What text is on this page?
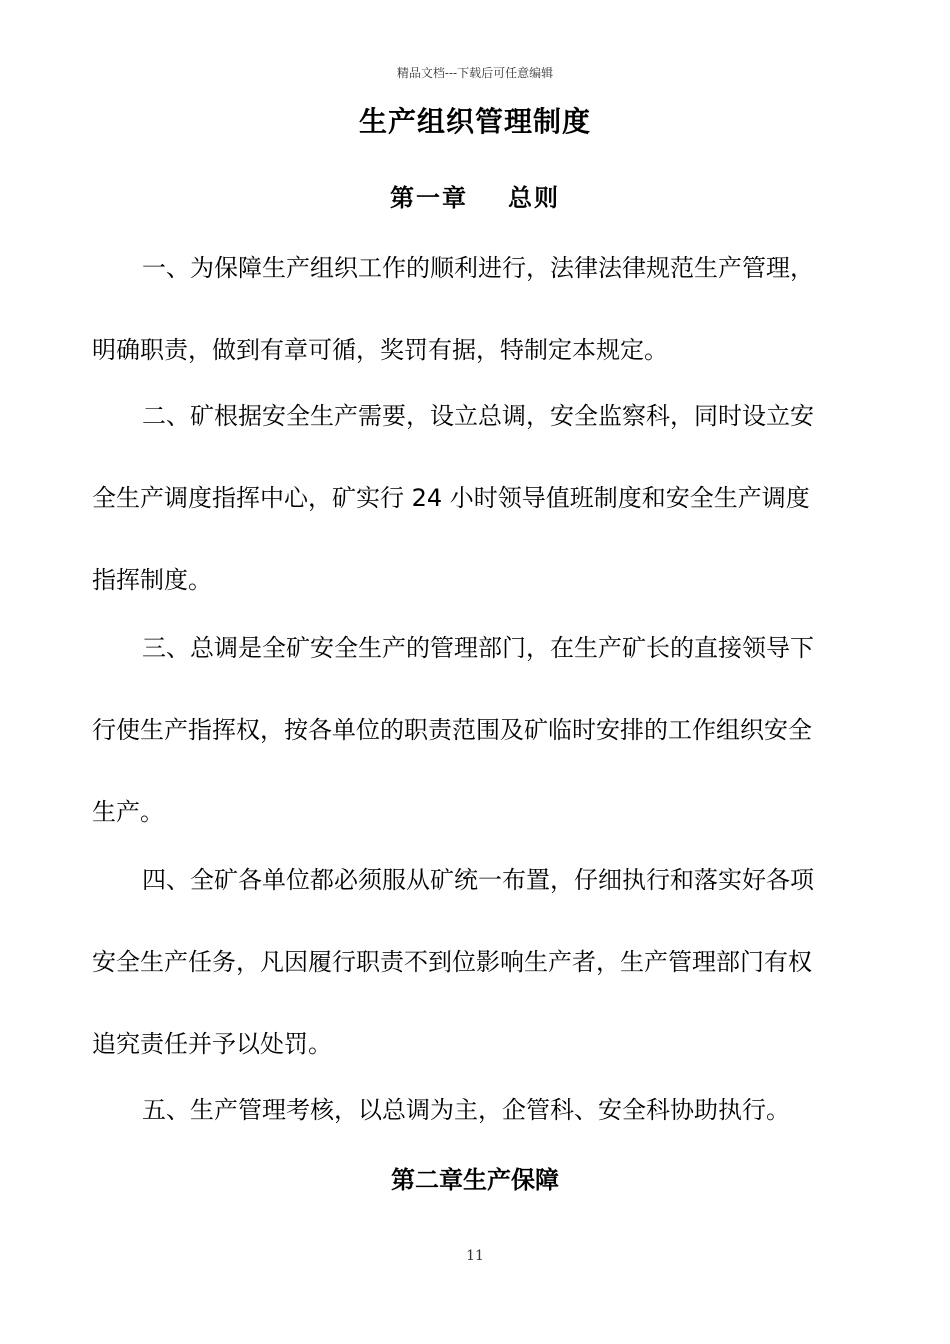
精品文档---下载后可任意编辑
生产组织管理制度
第一章 总则
一、为保障生产组织工作的顺利进行，法律法律规范生产管理，
明确职责，做到有章可循，奖罚有据，特制定本规定。
二、矿根据安全生产需要，设立总调，安全监察科，同时设立安
全生产调度指挥中心，矿实行 24 小时领导值班制度和安全生产调度
指挥制度。
三、总调是全矿安全生产的管理部门，在生产矿长的直接领导下
行使生产指挥权，按各单位的职责范围及矿临时安排的工作组织安全
生产。
四、全矿各单位都必须服从矿统一布置，仔细执行和落实好各项
安全生产任务，凡因履行职责不到位影响生产者，生产管理部门有权
追究责任并予以处罚。
五、生产管理考核，以总调为主，企管科、安全科协助执行。
第二章生产保障
11
